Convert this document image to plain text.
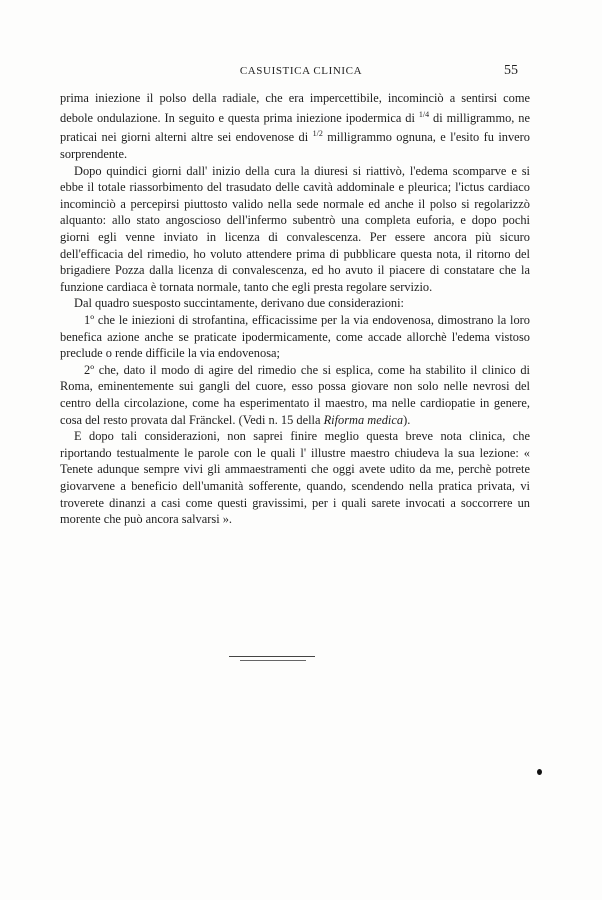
CASUISTICA CLINICA	55

prima iniezione il polso della radiale, che era impercettibile, incominciò a sentirsi come debole ondulazione. In seguito e questa prima iniezione ipodermica di $^{1/4}$ di milligrammo, ne praticai nei giorni alterni altre sei endovenose di $^{1/2}$ milligrammo ognuna, e l'esito fu invero sorprendente.

Dopo quindici giorni dall' inizio della cura la diuresi si riattivò, l'edema scomparve e si ebbe il totale riassorbimento del trasudato delle cavità addominale e pleurica; l'ictus cardiaco incominciò a percepirsi piuttosto valido nella sede normale ed anche il polso si regolarizzò alquanto: allo stato angoscioso dell'infermo subentrò una completa euforia, e dopo pochi giorni egli venne inviato in licenza di convalescenza. Per essere ancora più sicuro dell'efficacia del rimedio, ho voluto attendere prima di pubblicare questa nota, il ritorno del brigadiere Pozza dalla licenza di convalescenza, ed ho avuto il piacere di constatare che la funzione cardiaca è tornata normale, tanto che egli presta regolare servizio.

Dal quadro suesposto succintamente, derivano due considerazioni:

1º che le iniezioni di strofantina, efficacissime per la via endovenosa, dimostrano la loro benefica azione anche se praticate ipodermicamente, come accade allorchè l'edema vistoso preclude o rende difficile la via endovenosa;

2º che, dato il modo di agire del rimedio che si esplica, come ha stabilito il clinico di Roma, eminentemente sui gangli del cuore, esso possa giovare non solo nelle nevrosi del centro della circolazione, come ha esperimentato il maestro, ma nelle cardiopatie in genere, cosa del resto provata dal Fränckel. (Vedi n. 15 della Riforma medica).

E dopo tali considerazioni, non saprei finire meglio questa breve nota clinica, che riportando testualmente le parole con le quali l' illustre maestro chiudeva la sua lezione: « Tenete adunque sempre vivi gli ammaestramenti che oggi avete udito da me, perchè potrete giovarvene a beneficio dell'umanità sofferente, quando, scendendo nella pratica privata, vi troverete dinanzi a casi come questi gravissimi, per i quali sarete invocati a soccorrere un morente che può ancora salvarsi ».
